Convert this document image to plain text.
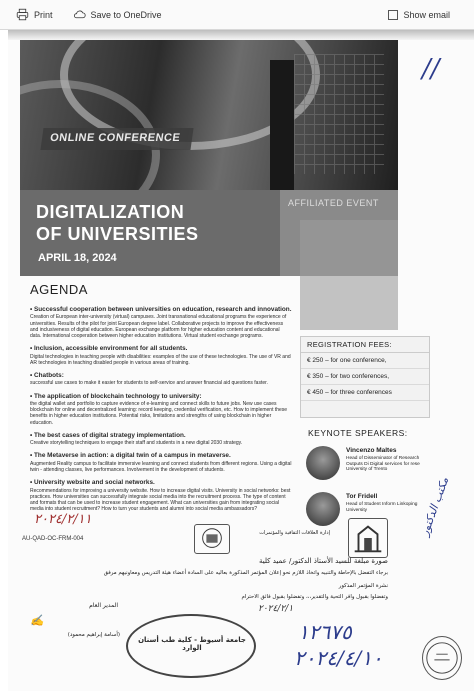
Print	Save to OneDrive	Show email
ONLINE CONFERENCE
DIGITALIZATION
OF UNIVERSITIES
APRIL 18, 2024
AFFILIATED EVENT
AGENDA
• Successful cooperation between universities on education, research and innovation.

Creation of European inter-university (virtual) campuses. Joint transnational educational programs the experience of universities. Results of the pilot for joint European degree label. Collaborative projects to improve the effectiveness and inclusiveness of digital education. European exchange platform for higher education content and educational data. International cooperation between higher education institutions. Virtual student exchange programs.

• Inclusion, accessible environment for all students.

Digital technologies in teaching people with disabilities: examples of the use of these technologies. The use of VR and AR technologies in teaching disabled people in various areas of training.

• Chatbots:

successful use cases to make it easier for students to self-service and answer financial aid questions faster.

• The application of blockchain technology to university:

the digital wallet and portfolio to capture evidence of e-learning and connect skills to future jobs. New use cases blockchain for online and decentralized learning: record keeping, credential verification, etc. How to implement these benefits in higher education institutions. Potential risks, limitations and strengths of using blockchain in higher education.

• The best cases of digital strategy implementation.

Creative storytelling techniques to engage their staff and students in a new digital 2030 strategy.

• The Metaverse in action: a digital twin of a campus in metaverse.

Augmented Reality campus to facilitate immersive learning and connect students from different regions. Using a digital twin - attending classes, live performances. Involvement in the development of students.

• University website and social networks.

Recommendations for improving a university website. How to increase digital visits. University in social networks: best practices. How universities can successfully integrate social media into the recruitment process. The type of content and formats that can be used to increase student engagement. What can universities gain from integrating social media into student recruitment? How to turn your students and alumni into social media ambassadors?

REGISTRATION FEES:
€ 250 – for one conference,
€ 350 – for two conferences,
€ 450 – for three conferences
KEYNOTE SPEAKERS:
Vincenzo Maltes
Head of Disseminator of Research Outputs Di Digital services for rese University of Trento
Tor Fridell
Head of Student Inform Linkoping University
٢٠٢٤/٢/١١
AU-QAD-OC-FRM-004
إدارة العلاقات الثقافية والمؤتمرات
صورة مبلغة للسيد الأستاذ الدكتور/ عميد كلية
برجاء التفضل بالإحاطة والتنبيه واتخاذ اللازم نحو إعلان المؤتمر المذكورة بعاليه على السادة أعضاء هيئة التدريس ومعاونيهم مرفق
نشرة المؤتمر المذكور
وتفضلوا بقبول وافر التحية والتقدير،،، وتفضلوا بقبول فائق الاحترام
٢٠٢٤/٢/١
المدير العام
✍
(أسامة إبراهيم محمود)
جامعة أسيوط - كلية طب أسنان الوارد
١٢٦٧٥
٢٠٢٤/٤/١٠
مكتب الدكتور
//
